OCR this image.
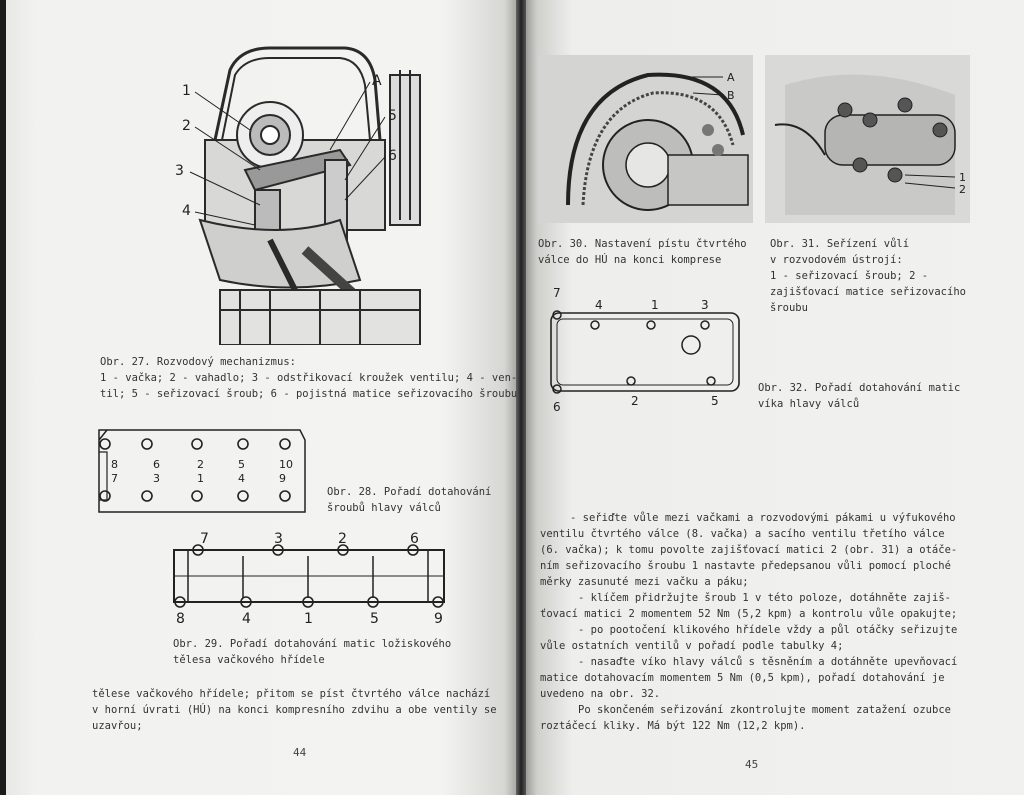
1
2
3
4
A
5
6
Obr. 27. Rozvodový mechanizmus:
1 - vačka; 2 - vahadlo; 3 - odstřikovací kroužek ventilu; 4 - ven-
til; 5 - seřizovací šroub; 6 - pojistná matice seřizovacího šroubu
8	6	2	5	10
7	3	1	4	9
Obr. 28. Pořadí dotahování
šroubů hlavy válců
7	3	2	6
8	4	1	5	9
Obr. 29. Pořadí dotahování matic ložiskového
tělesa vačkového hřídele
tělese vačkového hřídele; přitom se píst čtvrtého válce nachází
v horní úvrati (HÚ) na konci kompresního zdvihu a obe ventily se
uzavřou;
44
A
B
Obr. 30. Nastavení pístu čtvrtého
válce do HÚ na konci komprese
1
2
Obr. 31. Seřízení vůlí
v rozvodovém ústrojí:
1 - seřizovací šroub; 2 -
zajišťovací matice seřizovacího
šroubu
7
4	1	3
6	2	5
Obr. 32. Pořadí dotahování matic
víka hlavy válců
- seřiďte vůle mezi vačkami a rozvodovými pákami u výfukového
ventilu čtvrtého válce (8. vačka) a sacího ventilu třetího válce
(6. vačka); k tomu povolte zajišťovací matici 2 (obr. 31) a otáče-
ním seřizovacího šroubu 1 nastavte předepsanou vůli pomocí ploché
měrky zasunuté mezi vačku a páku;
- klíčem přidržujte šroub 1 v této poloze, dotáhněte zajiš-
ťovací matici 2 momentem 52 Nm (5,2 kpm) a kontrolu vůle opakujte;
- po pootočení klikového hřídele vždy a půl otáčky seřizujte
vůle ostatních ventilů v pořadí podle tabulky 4;
- nasaďte víko hlavy válců s těsněním a dotáhněte upevňovací
matice dotahovacím momentem 5 Nm (0,5 kpm), pořadí dotahování je
uvedeno na obr. 32.
Po skončeném seřizování zkontrolujte moment zatažení ozubce
roztáčecí kliky. Má být 122 Nm (12,2 kpm).
45
